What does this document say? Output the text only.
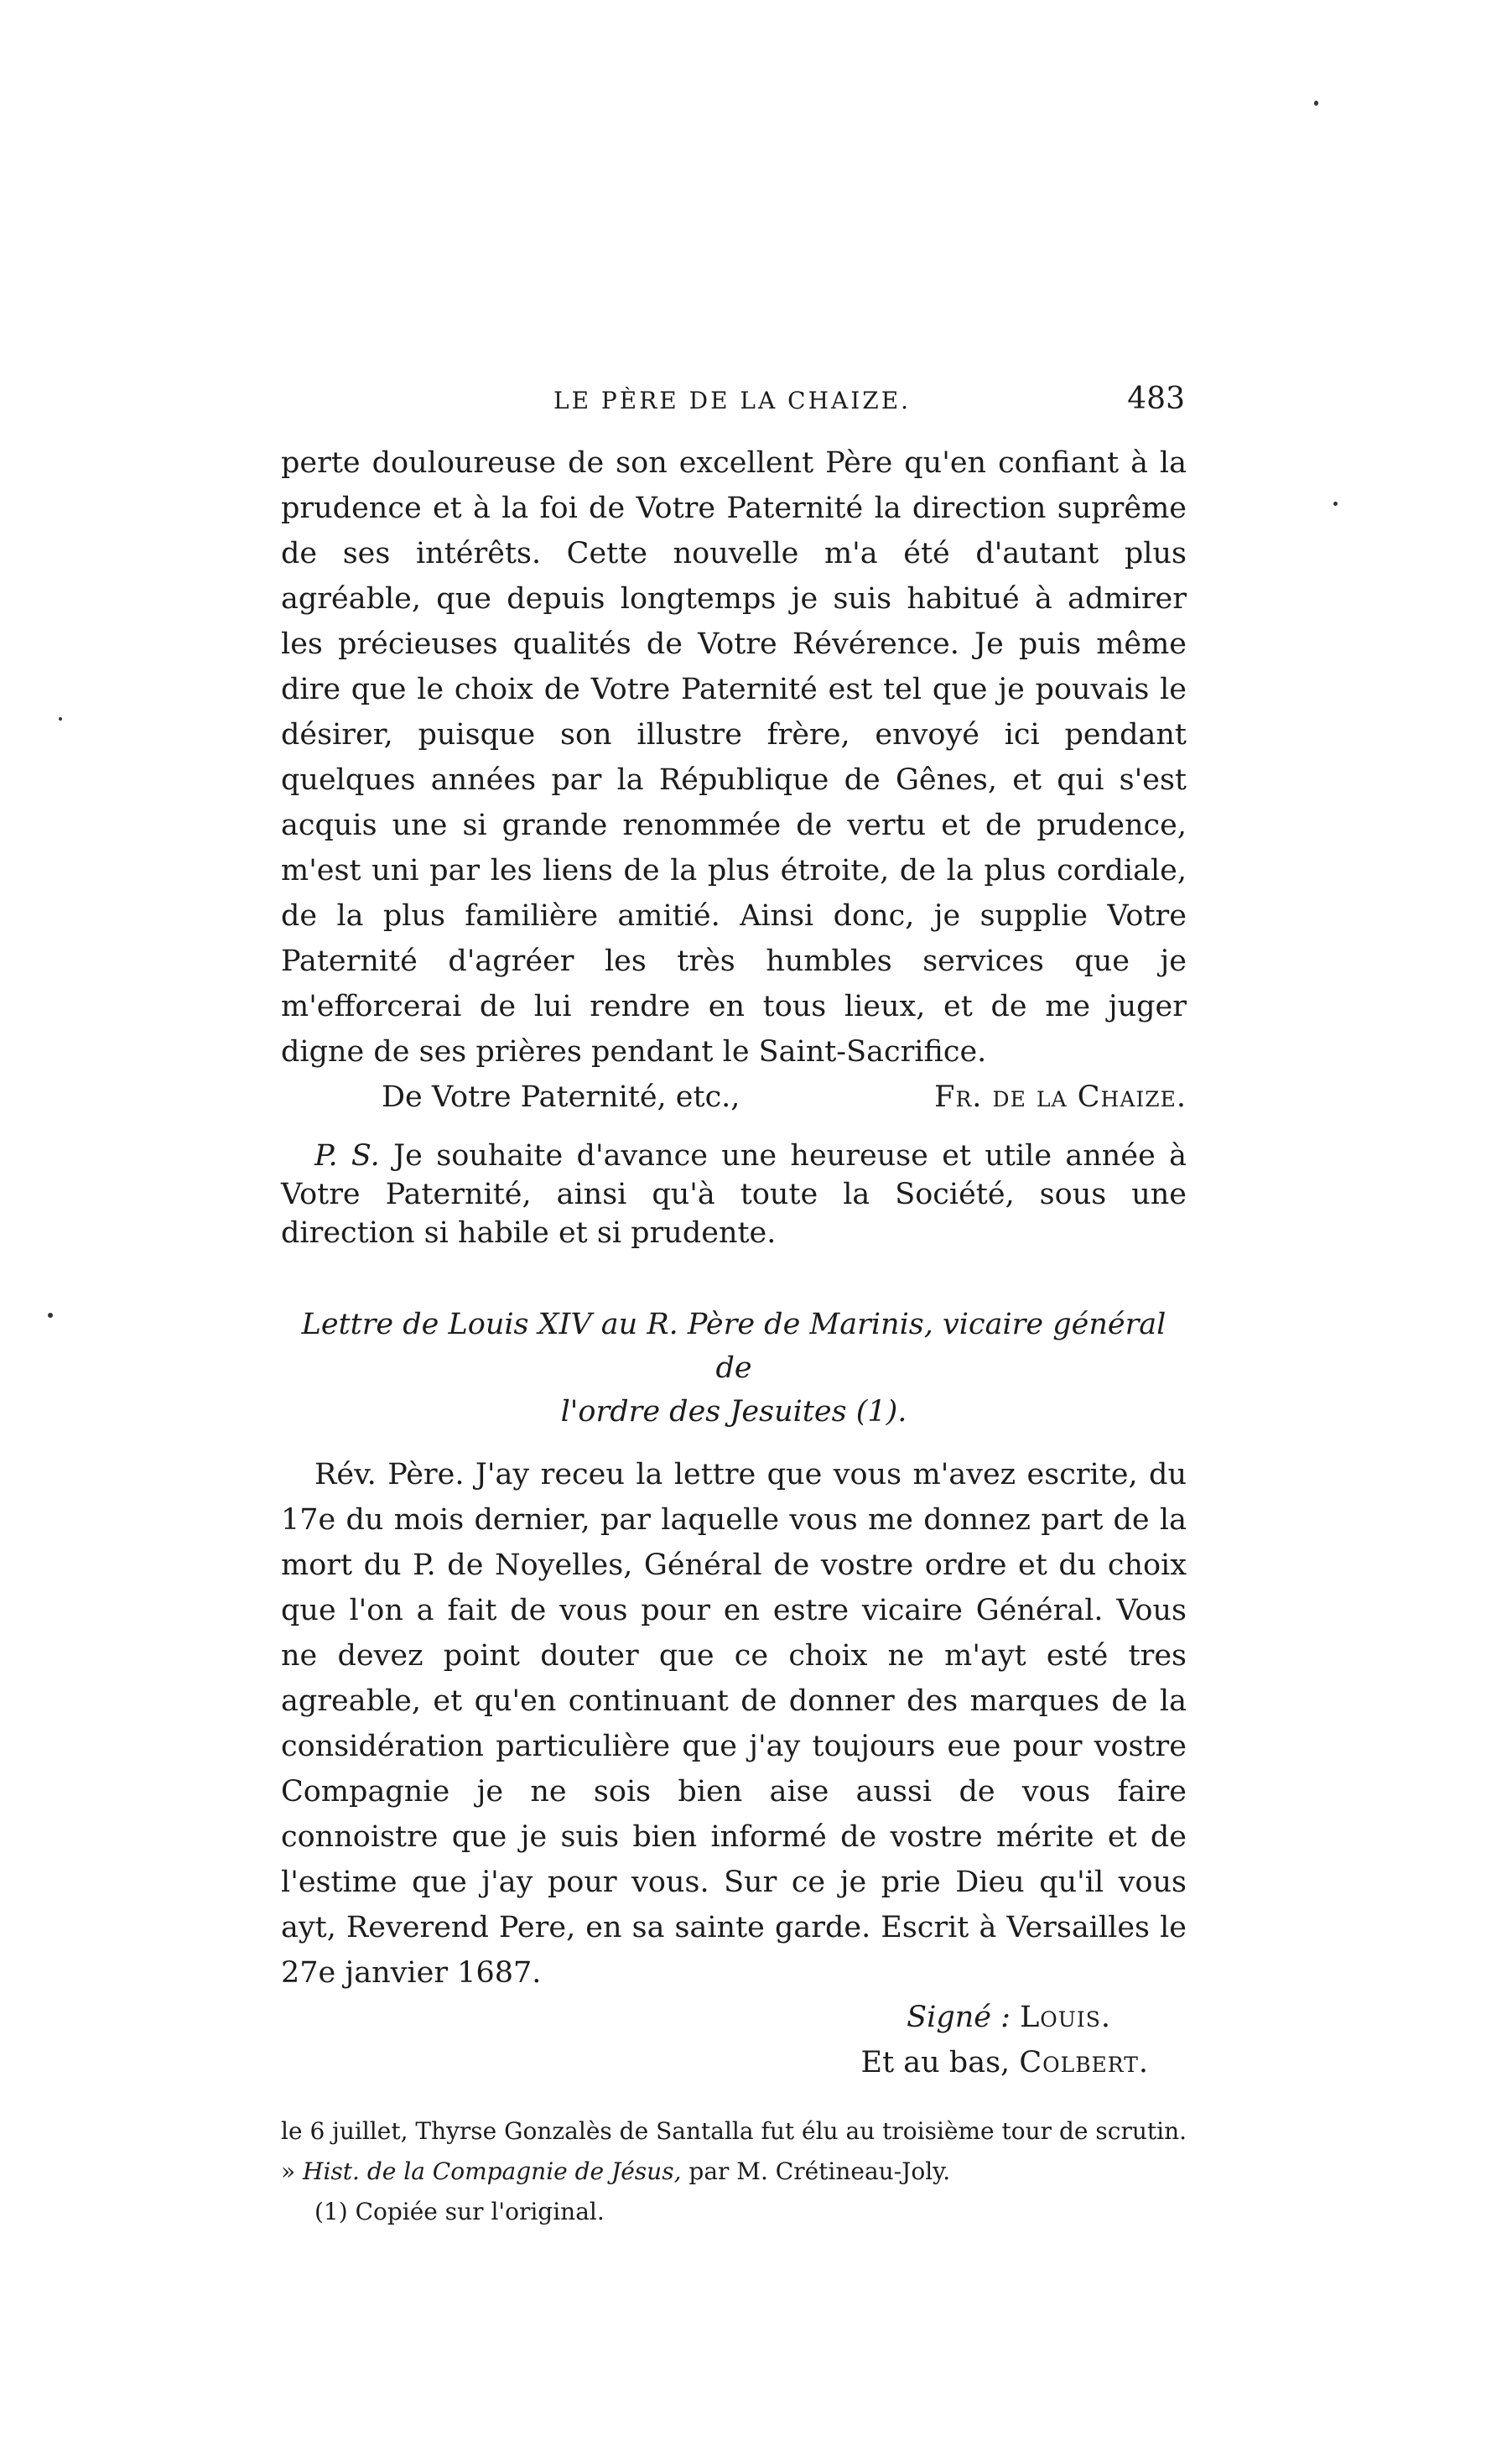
LE PÈRE DE LA CHAIZE.	483

perte douloureuse de son excellent Père qu'en confiant à la prudence et à la foi de Votre Paternité la direction suprême de ses intérêts. Cette nouvelle m'a été d'autant plus agréable, que depuis longtemps je suis habitué à admirer les précieuses qualités de Votre Révérence. Je puis même dire que le choix de Votre Paternité est tel que je pouvais le désirer, puisque son illustre frère, envoyé ici pendant quelques années par la République de Gênes, et qui s'est acquis une si grande renommée de vertu et de prudence, m'est uni par les liens de la plus étroite, de la plus cordiale, de la plus familière amitié. Ainsi donc, je supplie Votre Paternité d'agréer les très humbles services que je m'efforcerai de lui rendre en tous lieux, et de me juger digne de ses prières pendant le Saint-Sacrifice.

De Votre Paternité, etc.,	Fr. de la Chaize.

P. S. Je souhaite d'avance une heureuse et utile année à Votre Paternité, ainsi qu'à toute la Société, sous une direction si habile et si prudente.

Lettre de Louis XIV au R. Père de Marinis, vicaire général de
l'ordre des Jesuites (1).

Rév. Père. J'ay receu la lettre que vous m'avez escrite, du 17e du mois dernier, par laquelle vous me donnez part de la mort du P. de Noyelles, Général de vostre ordre et du choix que l'on a fait de vous pour en estre vicaire Général. Vous ne devez point douter que ce choix ne m'ayt esté tres agreable, et qu'en continuant de donner des marques de la considération particulière que j'ay toujours eue pour vostre Compagnie je ne sois bien aise aussi de vous faire connoistre que je suis bien informé de vostre mérite et de l'estime que j'ay pour vous. Sur ce je prie Dieu qu'il vous ayt, Reverend Pere, en sa sainte garde. Escrit à Versailles le 27e janvier 1687.

Signé : Louis.

Et au bas, Colbert.

le 6 juillet, Thyrse Gonzalès de Santalla fut élu au troisième tour de scrutin. » Hist. de la Compagnie de Jésus, par M. Crétineau-Joly.

(1) Copiée sur l'original.
